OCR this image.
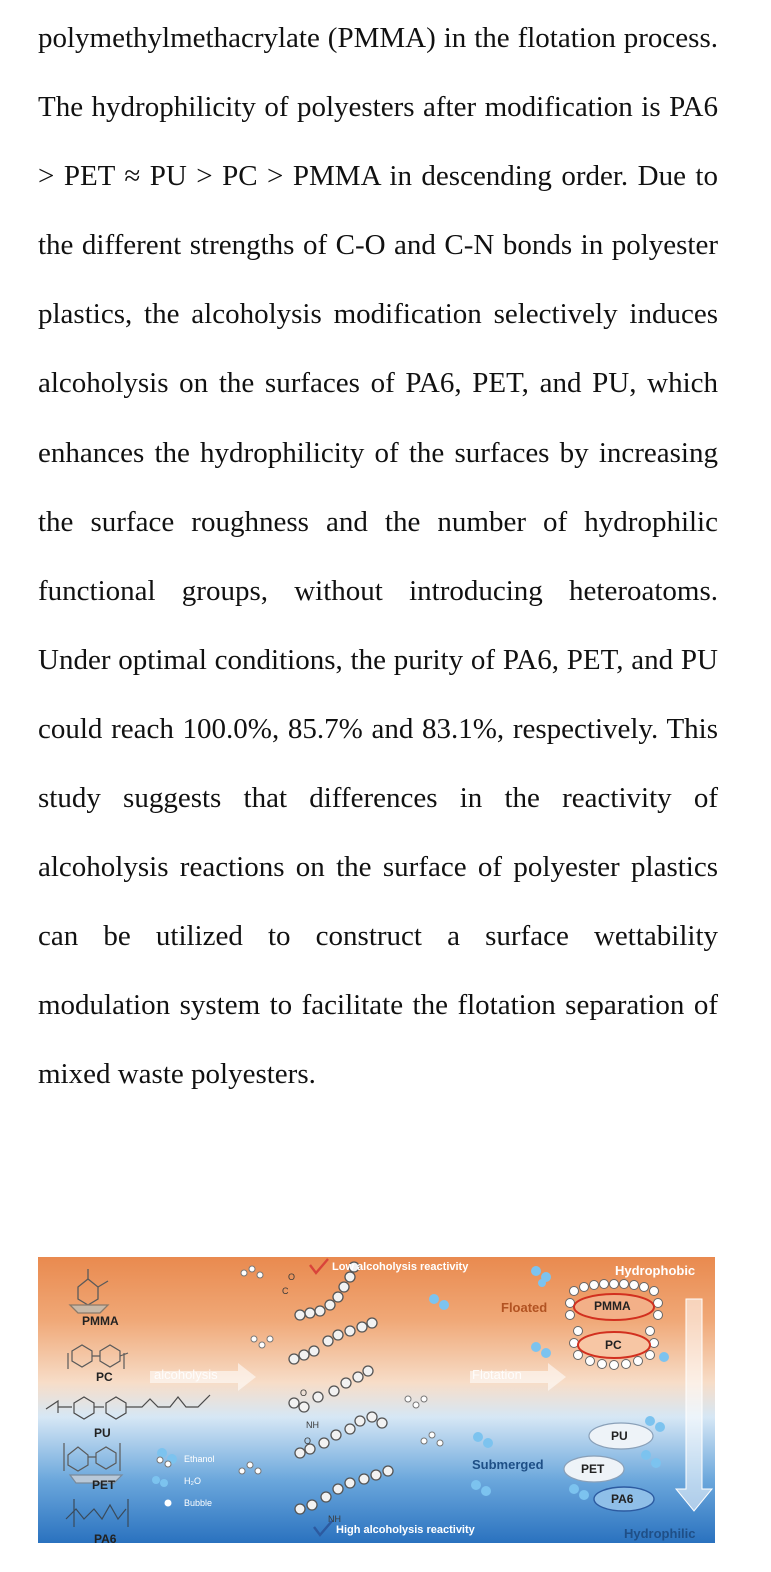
polymethylmethacrylate (PMMA) in the flotation process. The hydrophilicity of polyesters after modification is PA6 > PET ≈ PU > PC > PMMA in descending order. Due to the different strengths of C-O and C-N bonds in polyester plastics, the alcoholysis modification selectively induces alcoholysis on the surfaces of PA6, PET, and PU, which enhances the hydrophilicity of the surfaces by increasing the surface roughness and the number of hydrophilic functional groups, without introducing heteroatoms. Under optimal conditions, the purity of PA6, PET, and PU could reach 100.0%, 85.7% and 83.1%, respectively. This study suggests that differences in the reactivity of alcoholysis reactions on the surface of polyester plastics can be utilized to construct a surface wettability modulation system to facilitate the flotation separation of mixed waste polyesters.

PMMA
PC
PU
PET
PA6
alcoholysis	Flotation
Ethanol
H₂O
Bubble
Low alcoholysis reactivity
High alcoholysis reactivity
O
C
O
NH
O
NH
Floated
Submerged
Hydrophobic
Hydrophilic
PMMA
PC
PU
PET
PA6
